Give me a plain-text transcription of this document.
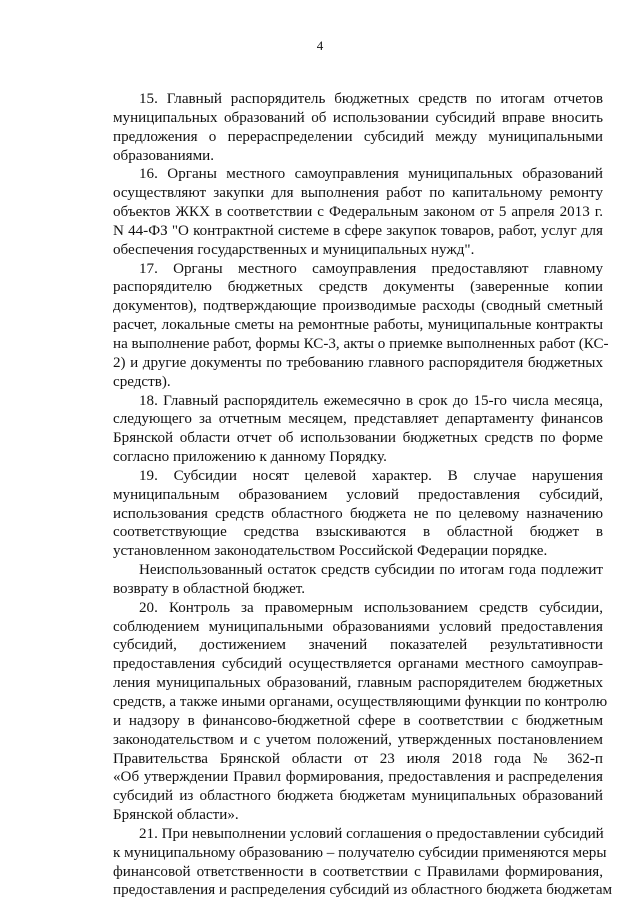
4
15. Главный распорядитель бюджетных средств по итогам отчетов
муниципальных образований об использовании субсидий вправе вносить
предложения о перераспределении субсидий между муниципальными
образованиями.
16. Органы местного самоуправления муниципальных образований
осуществляют закупки для выполнения работ по капитальному ремонту
объектов ЖКХ в соответствии с Федеральным законом от 5 апреля 2013 г.
N 44-ФЗ "О контрактной системе в сфере закупок товаров, работ, услуг для
обеспечения государственных и муниципальных нужд".
17. Органы местного самоуправления предоставляют главному
распорядителю бюджетных средств документы (заверенные копии
документов), подтверждающие производимые расходы (сводный сметный
расчет, локальные сметы на ремонтные работы, муниципальные контракты
на выполнение работ, формы КС-3, акты о приемке выполненных работ (КС-
2) и другие документы по требованию главного распорядителя бюджетных
средств).
18. Главный распорядитель ежемесячно в срок до 15-го числа месяца,
следующего за отчетным месяцем, представляет департаменту финансов
Брянской области отчет об использовании бюджетных средств по форме
согласно приложению к данному Порядку.
19. Субсидии носят целевой характер. В случае нарушения
муниципальным образованием условий предоставления субсидий,
использования средств областного бюджета не по целевому назначению
соответствующие средства взыскиваются в областной бюджет в
установленном законодательством Российской Федерации порядке.
Неиспользованный остаток средств субсидии по итогам года подлежит
возврату в областной бюджет.
20. Контроль за правомерным использованием средств субсидии,
соблюдением муниципальными образованиями условий предоставления
субсидий, достижением значений показателей результативности
предоставления субсидий осуществляется органами местного самоуправ-
ления муниципальных образований, главным распорядителем бюджетных
средств, а также иными органами, осуществляющими функции по контролю
и надзору в финансово-бюджетной сфере в соответствии с бюджетным
законодательством и с учетом положений, утвержденных постановлением
Правительства Брянской области от 23 июля 2018 года № 362-п
«Об утверждении Правил формирования, предоставления и распределения
субсидий из областного бюджета бюджетам муниципальных образований
Брянской области».
21. При невыполнении условий соглашения о предоставлении субсидий
к муниципальному образованию – получателю субсидии применяются меры
финансовой ответственности в соответствии с Правилами формирования,
предоставления и распределения субсидий из областного бюджета бюджетам
